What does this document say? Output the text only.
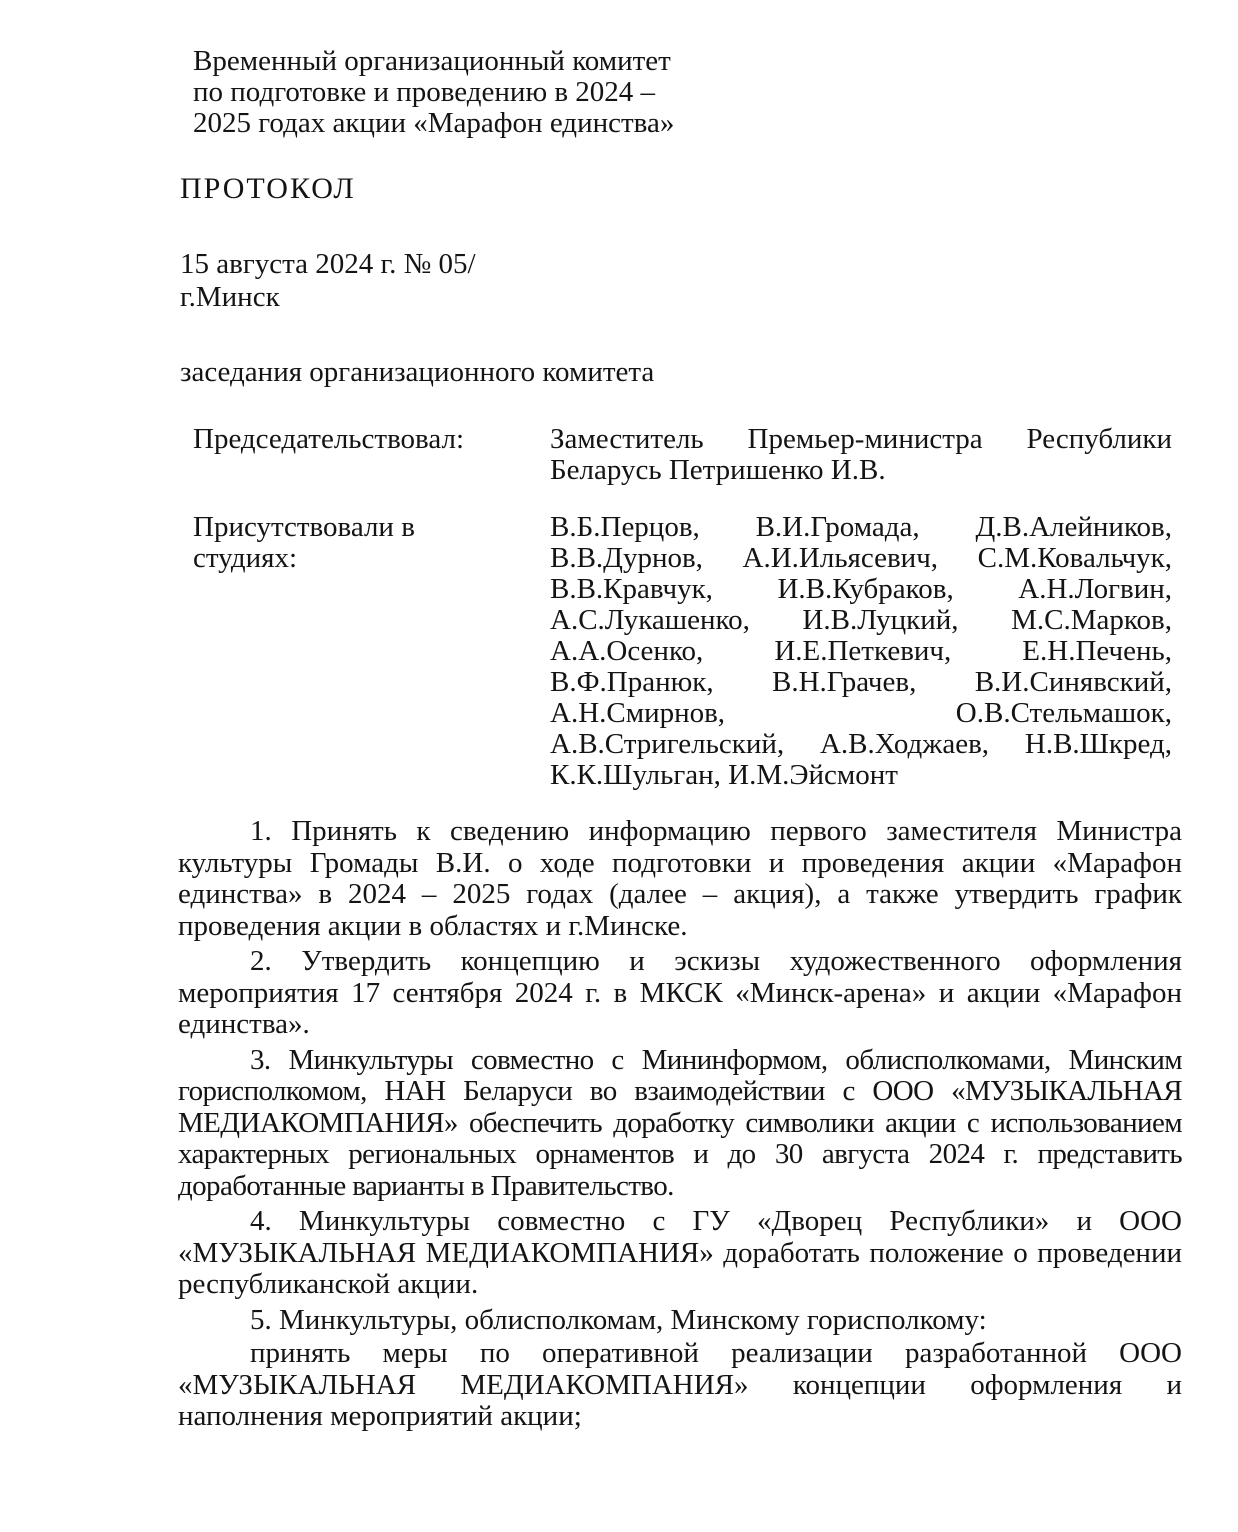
Временный организационный комитет
по подготовке и проведению в 2024 –
2025 годах акции «Марафон единства»
ПРОТОКОЛ
15 августа 2024 г. № 05/
г.Минск
заседания организационного комитета
Председательствовал:	Заместитель Премьер-министра Республики Беларусь Петришенко И.В.
Присутствовали в студиях:
В.Б.Перцов, В.И.Громада, Д.В.Алейников, В.В.Дурнов, А.И.Ильясевич, С.М.Ковальчук, В.В.Кравчук, И.В.Кубраков, А.Н.Логвин, А.С.Лукашенко, И.В.Луцкий, М.С.Марков, А.А.Осенко, И.Е.Петкевич, Е.Н.Печень, В.Ф.Пранюк, В.Н.Грачев, В.И.Синявский, А.Н.Смирнов, О.В.Стельмашок, А.В.Стригельский, А.В.Ходжаев, Н.В.Шкред, К.К.Шульган, И.М.Эйсмонт

1. Принять к сведению информацию первого заместителя Министра культуры Громады В.И. о ходе подготовки и проведения акции «Марафон единства» в 2024 – 2025 годах (далее – акция), а также утвердить график проведения акции в областях и г.Минске.

2. Утвердить концепцию и эскизы художественного оформления мероприятия 17 сентября 2024 г. в МКСК «Минск-арена» и акции «Марафон единства».

3. Минкультуры совместно с Мининформом, облисполкомами, Минским горисполкомом, НАН Беларуси во взаимодействии с ООО «МУЗЫКАЛЬНАЯ МЕДИАКОМПАНИЯ» обеспечить доработку символики акции с использованием характерных региональных орнаментов и до 30 августа 2024 г. представить доработанные варианты в Правительство.

4. Минкультуры совместно с ГУ «Дворец Республики» и ООО «МУЗЫКАЛЬНАЯ МЕДИАКОМПАНИЯ» доработать положение о проведении республиканской акции.

5. Минкультуры, облисполкомам, Минскому горисполкому:

принять меры по оперативной реализации разработанной ООО «МУЗЫКАЛЬНАЯ МЕДИАКОМПАНИЯ» концепции оформления и наполнения мероприятий акции;
